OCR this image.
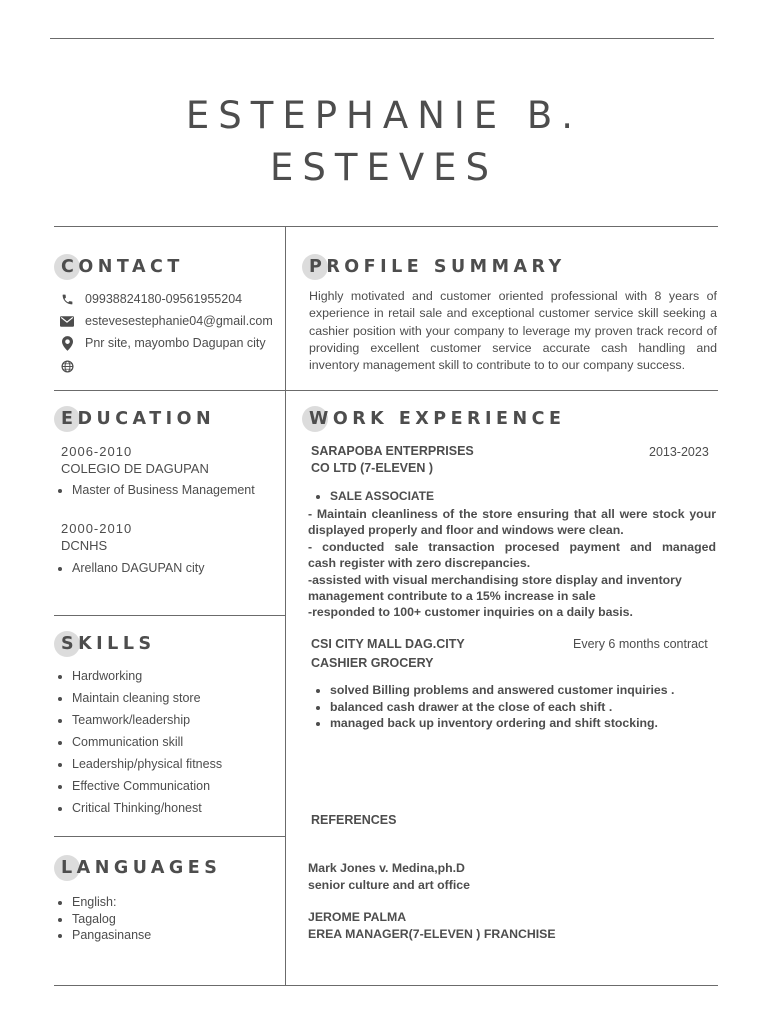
ESTEPHANIE B.
ESTEVES
CONTACT
09938824180-09561955204
estevesestephanie04@gmail.com
Pnr site, mayombo Dagupan city
PROFILE SUMMARY
Highly motivated and customer oriented professional with 8 years of experience in retail sale and exceptional customer service skill seeking a cashier position with your company to leverage my proven track record of providing excellent customer service accurate cash handling and inventory management skill to contribute to to our company success.
EDUCATION
2006-2010
COLEGIO DE DAGUPAN
• Master of Business Management
2000-2010
DCNHS
• Arellano DAGUPAN city
WORK EXPERIENCE
SARAPOBA ENTERPRISES
CO LTD (7-ELEVEN )
2013-2023
• SALE ASSOCIATE
- Maintain cleanliness of the store ensuring that all were stock your
displayed properly and floor and windows were clean.
- conducted sale transaction procesed payment and managed
cash register with zero discrepancies.
-assisted with visual merchandising store display and inventory
management contribute to a 15% increase in sale
-responded to 100+ customer inquiries on a daily basis.
CSI CITY MALL DAG.CITY
CASHIER GROCERY
Every 6 months contract
• solved Billing problems and answered customer inquiries .
• balanced cash drawer at the close of each shift .
• managed back up inventory ordering and shift stocking.
SKILLS
• Hardworking
• Maintain cleaning store
• Teamwork/leadership
• Communication skill
• Leadership/physical fitness
• Effective Communication
• Critical Thinking/honest
REFERENCES
Mark Jones v. Medina,ph.D
senior culture and art office
JEROME PALMA
EREA MANAGER(7-ELEVEN ) FRANCHISE
LANGUAGES
• English:
• Tagalog
• Pangasinanse
